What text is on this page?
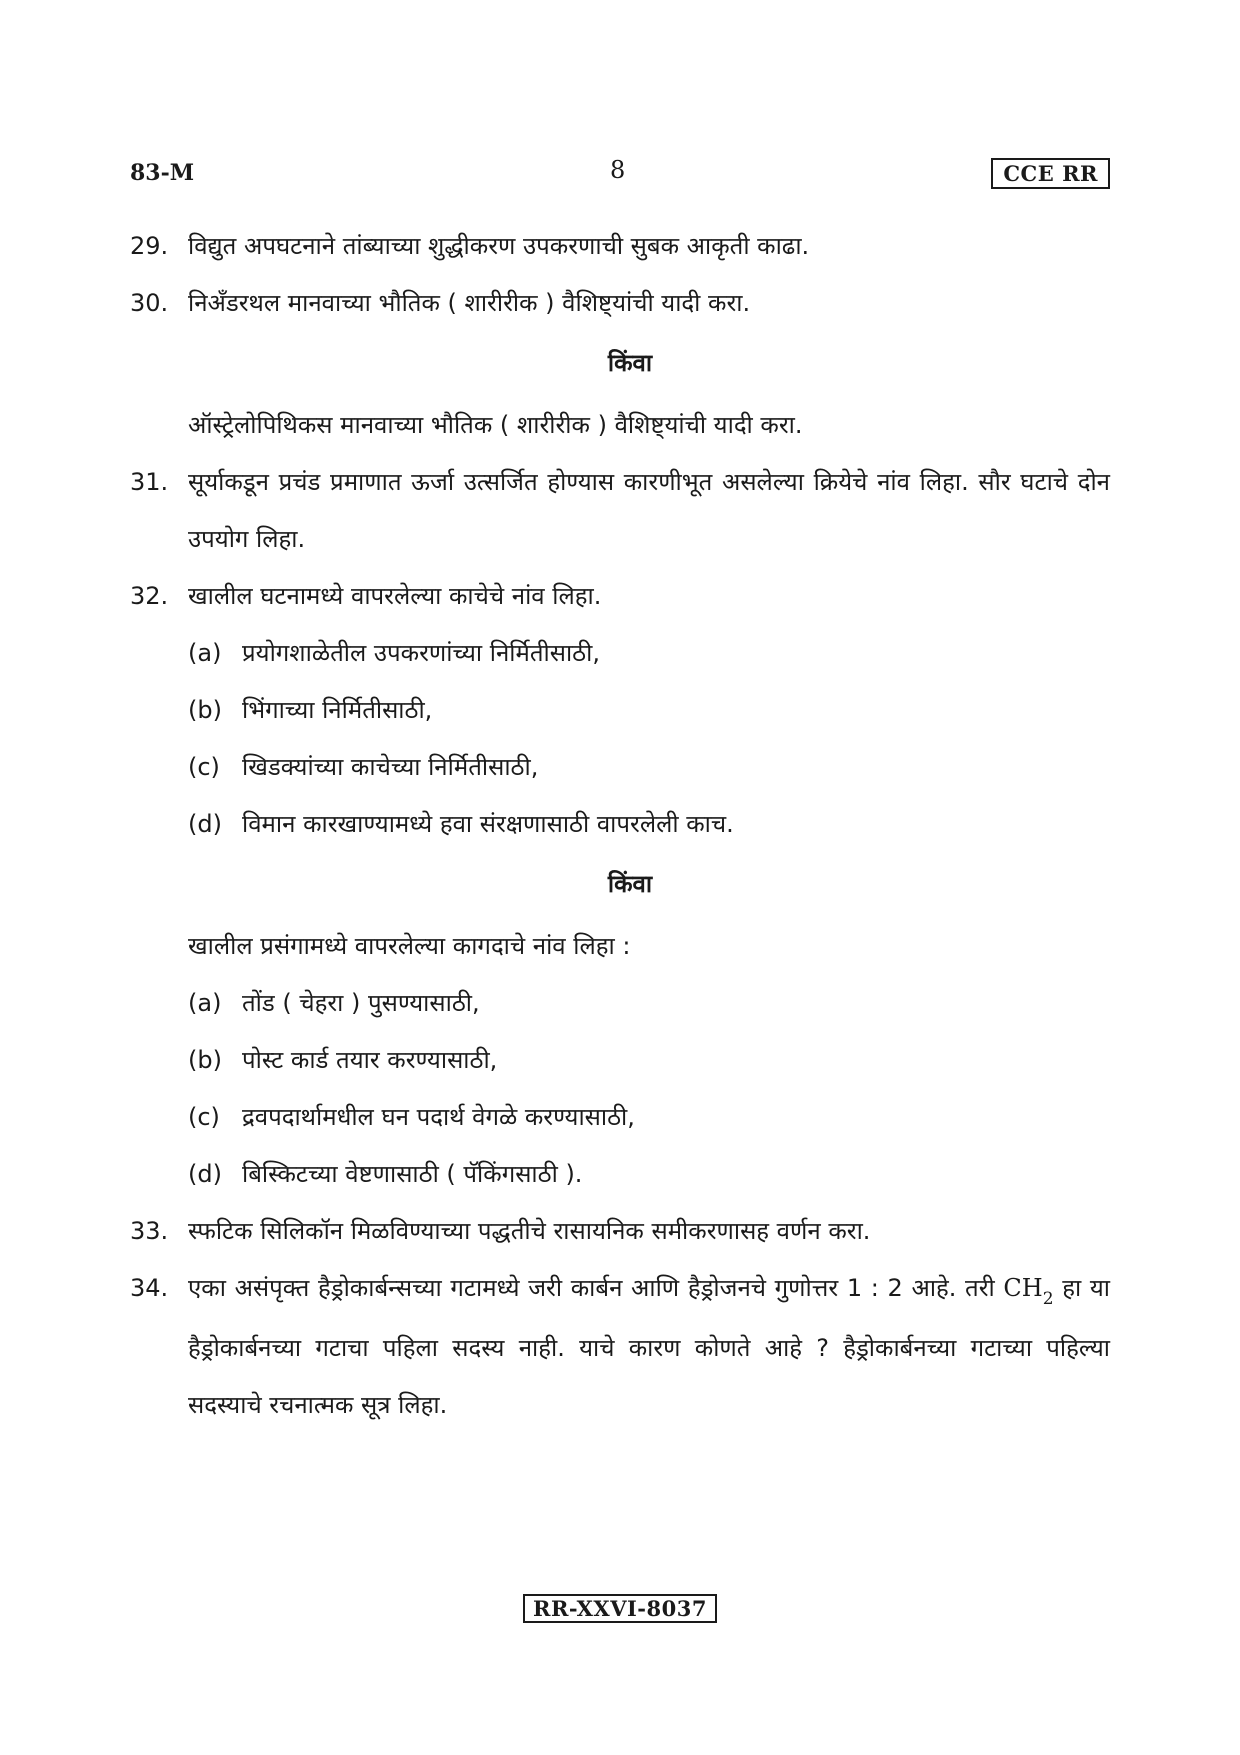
83-M	8	CCE RR
29. विद्युत अपघटनाने तांब्याच्या शुद्धीकरण उपकरणाची सुबक आकृती काढा.
30. निअँडरथल मानवाच्या भौतिक ( शारीरीक ) वैशिष्ट्यांची यादी करा.
किंवा
ऑस्ट्रेलोपिथिकस मानवाच्या भौतिक ( शारीरीक ) वैशिष्ट्यांची यादी करा.
31. सूर्याकडून प्रचंड प्रमाणात ऊर्जा उत्सर्जित होण्यास कारणीभूत असलेल्या क्रियेचे नांव लिहा. सौर घटाचे दोन उपयोग लिहा.
32. खालील घटनामध्ये वापरलेल्या काचेचे नांव लिहा.
(a) प्रयोगशाळेतील उपकरणांच्या निर्मितीसाठी,
(b) भिंगाच्या निर्मितीसाठी,
(c) खिडक्यांच्या काचेच्या निर्मितीसाठी,
(d) विमान कारखाण्यामध्ये हवा संरक्षणासाठी वापरलेली काच.
किंवा
खालील प्रसंगामध्ये वापरलेल्या कागदाचे नांव लिहा :
(a) तोंड ( चेहरा ) पुसण्यासाठी,
(b) पोस्ट कार्ड तयार करण्यासाठी,
(c) द्रवपदार्थामधील घन पदार्थ वेगळे करण्यासाठी,
(d) बिस्किटच्या वेष्टणासाठी ( पॅकिंगसाठी ).
33. स्फटिक सिलिकॉन मिळविण्याच्या पद्धतीचे रासायनिक समीकरणासह वर्णन करा.
34. एका असंपृक्त हैड्रोकार्बन्सच्या गटामध्ये जरी कार्बन आणि हैड्रोजनचे गुणोत्तर 1 : 2 आहे. तरी $CH_2$ हा या हैड्रोकार्बनच्या गटाचा पहिला सदस्य नाही. याचे कारण कोणते आहे ? हैड्रोकार्बनच्या गटाच्या पहिल्या सदस्याचे रचनात्मक सूत्र लिहा.
RR-XXVI-8037
